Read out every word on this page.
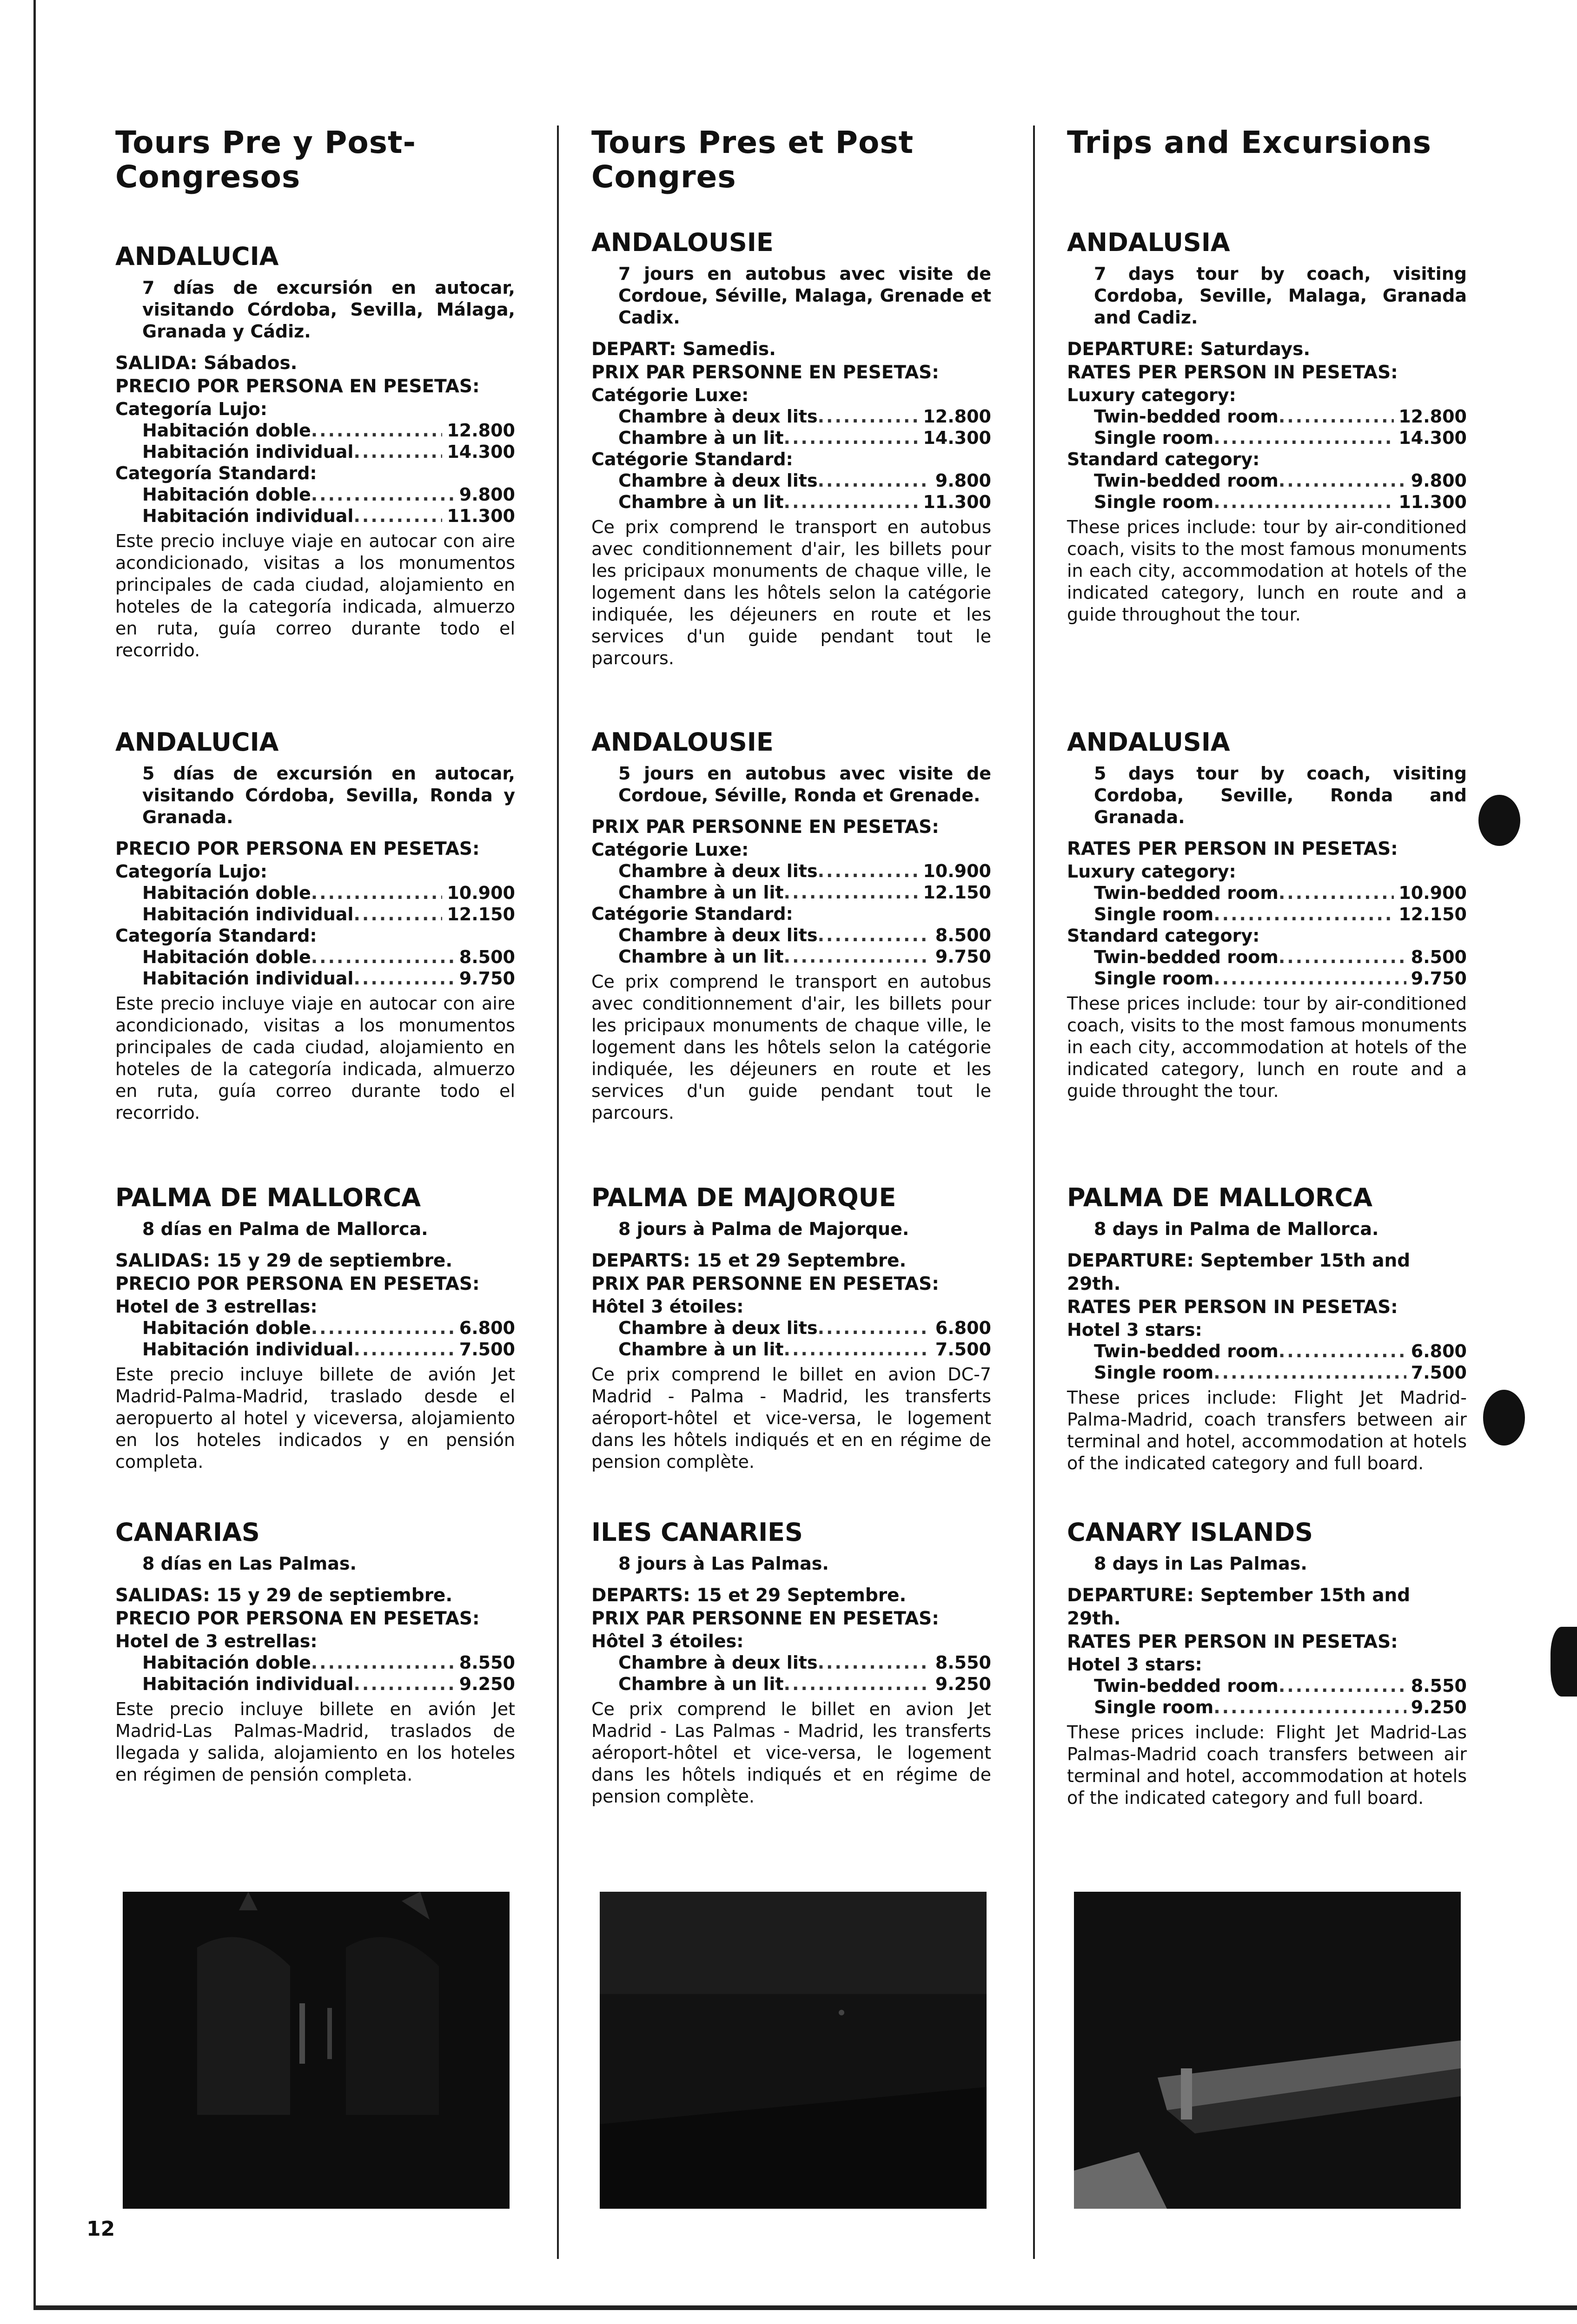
Tours Pre y Post-Congresos
ANDALUCIA

7 días de excursión en autocar, visitando Córdoba, Sevilla, Málaga, Granada y Cádiz.

SALIDA: Sábados.

PRECIO POR PERSONA EN PESETAS:

Categoría Lujo:

Habitación doble .....	12.800
Habitación individual .....	14.300

Categoría Standard:

Habitación doble .....	9.800
Habitación individual .....	11.300

Este precio incluye viaje en autocar con aire acondicionado, visitas a los monumentos principales de cada ciudad, alojamiento en hoteles de la categoría indicada, almuerzo en ruta, guía correo durante todo el recorrido.

ANDALUCIA

5 días de excursión en autocar, visitando Córdoba, Sevilla, Ronda y Granada.

PRECIO POR PERSONA EN PESETAS:

Categoría Lujo:

Habitación doble .....	10.900
Habitación individual .....	12.150

Categoría Standard:

Habitación doble .....	8.500
Habitación individual .....	9.750

Este precio incluye viaje en autocar con aire acondicionado, visitas a los monumentos principales de cada ciudad, alojamiento en hoteles de la categoría indicada, almuerzo en ruta, guía correo durante todo el recorrido.

PALMA DE MALLORCA

8 días en Palma de Mallorca.

SALIDAS: 15 y 29 de septiembre.

PRECIO POR PERSONA EN PESETAS:

Hotel de 3 estrellas:

Habitación doble .....	6.800
Habitación individual .....	7.500

Este precio incluye billete de avión Jet Madrid-Palma-Madrid, traslado desde el aeropuerto al hotel y viceversa, alojamiento en los hoteles indicados y en pensión completa.

CANARIAS

8 días en Las Palmas.

SALIDAS: 15 y 29 de septiembre.

PRECIO POR PERSONA EN PESETAS:

Hotel de 3 estrellas:

Habitación doble .....	8.550
Habitación individual .....	9.250

Este precio incluye billete en avión Jet Madrid-Las Palmas-Madrid, traslados de llegada y salida, alojamiento en los hoteles en régimen de pensión completa.

Tours Pres et Post Congres
ANDALOUSIE

7 jours en autobus avec visite de Cordoue, Séville, Malaga, Grenade et Cadix.

DEPART: Samedis.

PRIX PAR PERSONNE EN PESETAS:

Catégorie Luxe:

Chambre à deux lits .....	12.800
Chambre à un lit .....	14.300

Catégorie Standard:

Chambre à deux lits .....	9.800
Chambre à un lit .....	11.300

Ce prix comprend le transport en autobus avec conditionnement d'air, les billets pour les pricipaux monuments de chaque ville, le logement dans les hôtels selon la catégorie indiquée, les déjeuners en route et les services d'un guide pendant tout le parcours.

ANDALOUSIE

5 jours en autobus avec visite de Cordoue, Séville, Ronda et Grenade.

PRIX PAR PERSONNE EN PESETAS:

Catégorie Luxe:

Chambre à deux lits .....	10.900
Chambre à un lit .....	12.150

Catégorie Standard:

Chambre à deux lits .....	8.500
Chambre à un lit .....	9.750

Ce prix comprend le transport en autobus avec conditionnement d'air, les billets pour les pricipaux monuments de chaque ville, le logement dans les hôtels selon la catégorie indiquée, les déjeuners en route et les services d'un guide pendant tout le parcours.

PALMA DE MAJORQUE

8 jours à Palma de Majorque.

DEPARTS: 15 et 29 Septembre.

PRIX PAR PERSONNE EN PESETAS:

Hôtel 3 étoiles:

Chambre à deux lits .....	6.800
Chambre à un lit .....	7.500

Ce prix comprend le billet en avion DC-7 Madrid - Palma - Madrid, les transferts aéroport-hôtel et vice-versa, le logement dans les hôtels indiqués et en en régime de pension complète.

ILES CANARIES

8 jours à Las Palmas.

DEPARTS: 15 et 29 Septembre.

PRIX PAR PERSONNE EN PESETAS:

Hôtel 3 étoiles:

Chambre à deux lits .....	8.550
Chambre à un lit .....	9.250

Ce prix comprend le billet en avion Jet Madrid - Las Palmas - Madrid, les transferts aéroport-hôtel et vice-versa, le logement dans les hôtels indiqués et en régime de pension complète.

Trips and Excursions
ANDALUSIA

7 days tour by coach, visiting Cordoba, Seville, Malaga, Granada and Cadiz.

DEPARTURE: Saturdays.

RATES PER PERSON IN PESETAS:

Luxury category:

Twin-bedded room .....	12.800
Single room .....	14.300

Standard category:

Twin-bedded room .....	9.800
Single room .....	11.300

These prices include: tour by air-conditioned coach, visits to the most famous monuments in each city, accommodation at hotels of the indicated category, lunch en route and a guide throughout the tour.

ANDALUSIA

5 days tour by coach, visiting Cordoba, Seville, Ronda and Granada.

RATES PER PERSON IN PESETAS:

Luxury category:

Twin-bedded room .....	10.900
Single room .....	12.150

Standard category:

Twin-bedded room .....	8.500
Single room .....	9.750

These prices include: tour by air-conditioned coach, visits to the most famous monuments in each city, accommodation at hotels of the indicated category, lunch en route and a guide throught the tour.

PALMA DE MALLORCA

8 days in Palma de Mallorca.

DEPARTURE: September 15th and 29th.

RATES PER PERSON IN PESETAS:

Hotel 3 stars:

Twin-bedded room .....	6.800
Single room .....	7.500

These prices include: Flight Jet Madrid-Palma-Madrid, coach transfers between air terminal and hotel, accommodation at hotels of the indicated category and full board.

CANARY ISLANDS

8 days in Las Palmas.

DEPARTURE: September 15th and 29th.

RATES PER PERSON IN PESETAS:

Hotel 3 stars:

Twin-bedded room .....	8.550
Single room .....	9.250

These prices include: Flight Jet Madrid-Las Palmas-Madrid coach transfers between air terminal and hotel, accommodation at hotels of the indicated category and full board.

12
